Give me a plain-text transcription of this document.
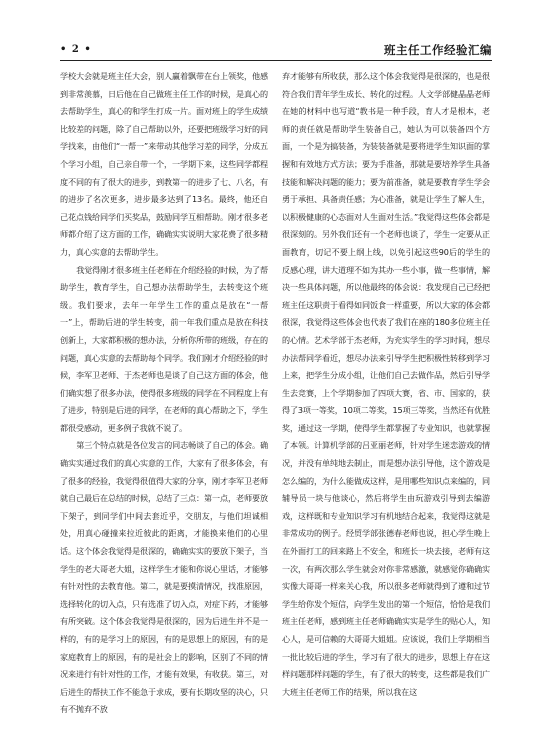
• 2 •	班主任工作经验汇编

学校大会就是班主任大会，别人赢着飘带在台上领奖，他感到非常羡慕，日后他在自己做班主任工作的时候，是真心的去帮助学生，真心的和学生打成一片。面对班上的学生成绩比较差的问题，除了自己帮助以外，还要把班级学习好的同学找来，由他们“一帮一”来带动其他学习差的同学，分成五个学习小组，自己亲自带一个，一学期下来，这些同学都程度不同的有了很大的进步，到教第一的进步了七、八名，有的进步了名次更多，进步最多达到了13名。最终，他还自己花点钱给同学们买奖品，鼓励同学互相帮助。刚才很多老师都介绍了这方面的工作，确确实实说明大家花费了很多精力，真心实意的去帮助学生。

我觉得刚才很多班主任老师在介绍经验的时候，为了帮助学生，教育学生，自己想办法帮助学生，去转变这个班级。我们要求，去年一年学生工作的重点是放在“一帮一”上，帮助后进的学生转变，前一年我们重点是放在科技创新上，大家都积极的想办法，分析你所带的班级，存在的问题，真心实意的去帮助每个同学。我们刚才介绍经验的时候，李军卫老师、于杰老师也是谈了自己这方面的体会，他们确实想了很多办法，使得很多班级的同学在不同程度上有了进步，特别是后进的同学，在老师的真心帮助之下，学生都很受感动，更多例子我就不说了。

第三个特点就是各位发言的同志畅谈了自己的体会。确确实实通过我们的真心实意的工作，大家有了很多体会，有了很多的经验，我觉得很值得大家的分享，刚才李军卫老师就自己最后在总结的时候，总结了三点：第一点，老师要放下架子，到同学们中间去套近乎，交朋友，与他们坦诚相处，用真心碰撞来拉近彼此的距离，才能换来他们的心里话。这个体会我觉得是很深的，确确实实的要放下架子，当学生的老大哥老大姐，这样学生才能和你说心里话，才能够有针对性的去教育他。第二，就是要摸清情况，找准原因，选择转化的切入点，只有选准了切入点，对症下药，才能够有所突破。这个体会我觉得是很深的，因为后进生并不是一样的，有的是学习上的原因，有的是思想上的原因，有的是家庭教育上的原因，有的是社会上的影响，区别了不同的情况来进行有针对性的工作，才能有效果，有收获。第三，对后进生的帮扶工作不能急于求成，要有长期攻坚的决心，只有不抛弃不放

弃才能够有所收获，那么这个体会我觉得是很深的，也是很符合我们青年学生成长、转化的过程。人文学部健晶晶老师在她的材料中也写道“教书是一种手段，育人才是根本，老师的责任就是帮助学生装备自己，她认为可以装备四个方面，一个是为搞装备，为装装备就是要将进学生知识面的掌握和有效地方式方法；要为手准备，那就是要培养学生具备技能和解决问题的能力；要为前准备，就是要教育学生学会勇于承担、具备责任感；为心准备，就是让学生了解人生，以积极健康的心态面对人生面对生活。”我觉得这些体会都是很深刻的。另外我们还有一个老师也谈了，学生一定要从正面教育，切记不要上纲上线，以免引起这些90后的学生的反感心理，讲大道理不如为其办一些小事，做一些事情，解决一些具体问题，所以他最终的体会说：我发现自己已经把班主任这职责于看得如同饭食一样重要，所以大家的体会都很深，我觉得这些体会也代表了我们在座的180多位班主任的心情。艺术学部于杰老师，为充实学生的学习时间，想尽办法帮同学看近，想尽办法来引导学生把积极性转移到学习上来，把学生分成小组，让他们自己去做作品，然后引导学生去竞赛，上个学期参加了四项大赛，省、市、国家的，获得了3项一等奖，10项二等奖，15项三等奖，当然还有优胜奖，通过这一学期，使得学生都掌握了专业知识，也就掌握了本领。计算机学部的吕亚丽老师，针对学生迷恋游戏的情况，并没有单纯地去制止，而是想办法引导他，这个游戏是怎么编的，为什么能做成这样，是用哪些知识点来编的，同辅导员一块与他谈心，然后将学生由玩游戏引导到去编游戏，这样既和专业知识学习有机地结合起来，我觉得这就是非常成功的例子。经贸学部张德春老师也说，担心学生晚上在外面打工的回来路上不安全，和班长一块去接，老师有这一次，有两次那么学生就会对你非常感激，就感觉你确确实实像大哥哥一样来关心我，所以很多老师就得到了遵和过节学生给你发个短信，向学生发出的第一个短信，恰恰是我们班主任老师，感到班主任老师确确实实是学生的贴心人，知心人，是可信赖的大哥哥大姐姐。应该说，我们上学期相当一批比较后进的学生，学习有了很大的进步，思想上存在这样问题那样问题的学生，有了很大的转变，这些都是我们广大班主任老师工作的结果，所以我在这
